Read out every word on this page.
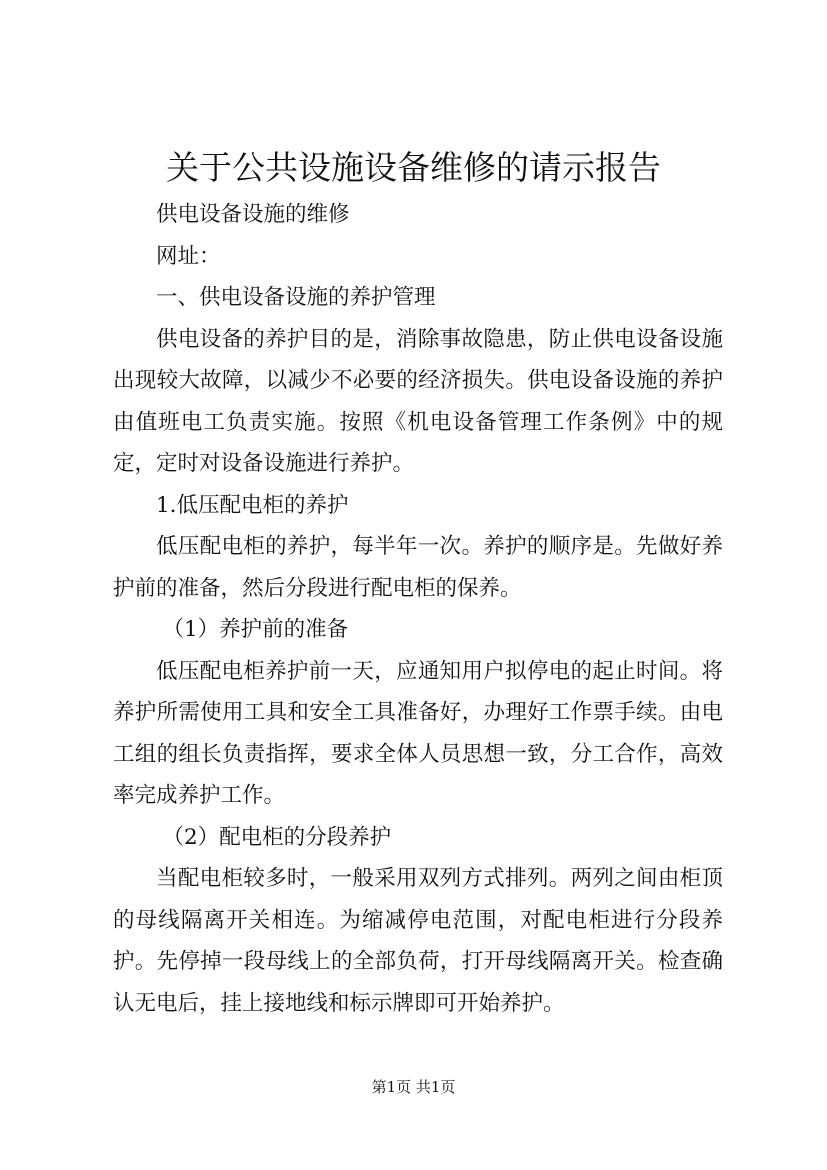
关于公共设施设备维修的请示报告

供电设备设施的维修

网址：

一、供电设备设施的养护管理

供电设备的养护目的是，消除事故隐患，防止供电设备设施出现较大故障，以减少不必要的经济损失。供电设备设施的养护由值班电工负责实施。按照《机电设备管理工作条例》中的规定，定时对设备设施进行养护。

1.低压配电柜的养护

低压配电柜的养护，每半年一次。养护的顺序是。先做好养护前的准备，然后分段进行配电柜的保养。

（1）养护前的准备

低压配电柜养护前一天，应通知用户拟停电的起止时间。将养护所需使用工具和安全工具准备好，办理好工作票手续。由电工组的组长负责指挥，要求全体人员思想一致，分工合作，高效率完成养护工作。

（2）配电柜的分段养护

当配电柜较多时，一般采用双列方式排列。两列之间由柜顶的母线隔离开关相连。为缩减停电范围，对配电柜进行分段养护。先停掉一段母线上的全部负荷，打开母线隔离开关。检查确认无电后，挂上接地线和标示牌即可开始养护。

第1页 共1页
